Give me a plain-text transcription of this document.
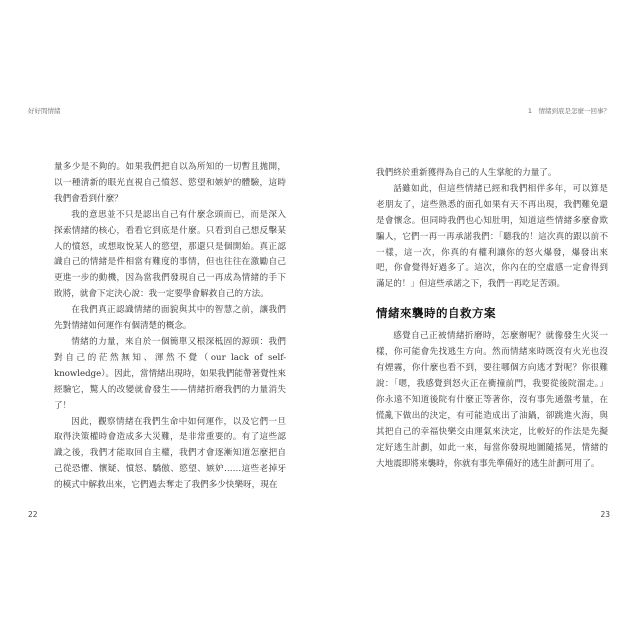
好好間情緒

量多少是不夠的。如果我們把自以為所知的一切暫且拋開，以一種清新的眼光直視自己憤怒、慾望和嫉妒的體驗，這時我們會看到什麼？

我的意思並不只是認出自己有什麼念頭而已，而是深入探索情緒的核心，看看它到底是什麼。只看到自己想反擊某人的憤怒，或想取悅某人的慾望，那還只是個開始。真正認識自己的情緒是件相當有難度的事情，但也往往在激勵自己更進一步的動機，因為當我們發現自己一再成為情緒的手下敗將，就會下定決心說：我一定要學會解救自己的方法。

在我們真正認識情緒的面貌與其中的智慧之前，讓我們先對情緒如何運作有個清楚的概念。

情緒的力量，來自於一個簡單又根深柢固的源頭：我們對自己的茫然無知、渾然不覺（our lack of self-knowledge）。因此，當情緒出現時，如果我們能帶著覺性來經驗它，驚人的改變就會發生——情緒折磨我們的力量消失了！

因此，觀察情緒在我們生命中如何運作，以及它們一旦取得決策權時會造成多大災難，是非常重要的。有了這些認識之後，我們才能取回自主權，我們才會逐漸知道怎麼把自己從恐懼、懷疑、憤怒、驕傲、慾望、嫉妒……這些老掉牙的模式中解救出來，它們過去奪走了我們多少快樂呀，現在

22
1　情緒到底是怎麼一回事？

我們終於重新獲得為自己的人生掌舵的力量了。

話雖如此，但這些情緒已經和我們相伴多年，可以算是老朋友了，這些熟悉的面孔如果有天不再出現，我們難免還是會懷念。但同時我們也心知肚明，知道這些情緒多麼會欺騙人，它們一再一再承諾我們：「聽我的！這次真的跟以前不一樣，這一次，你真的有權利讓你的怒火爆發，爆發出來吧，你會覺得好過多了。這次，你內在的空虛感一定會得到滿足的！」但這些承諾之下，我們一再吃足苦頭。

情緒來襲時的自救方案

感覺自己正被情緒折磨時，怎麼辦呢？就像發生火災一樣，你可能會先找逃生方向。然而情緒來時既沒有火光也沒有煙霧，你什麼也看不到，要往哪個方向逃才對呢？你很難說：「嗯，我感覺到怒火正在衝撞前門，我要從後院溜走。」你永遠不知道後院有什麼正等著你，沒有事先通盤考量，在慌亂下做出的決定，有可能造成出了油鍋，卻跳進火海，與其把自己的幸福快樂交由運氣來決定，比較好的作法是先擬定好逃生計劃，如此一來，每當你發現地圖隨搖晃，情緒的大地震即將來襲時，你就有事先準備好的逃生計劃可用了。

23
